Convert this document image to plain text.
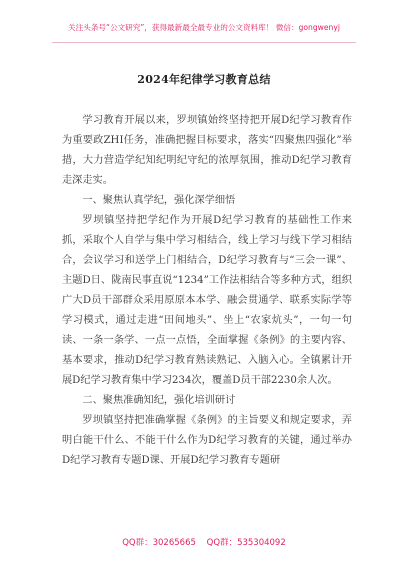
关注头条号“公文研究”，获得最新最全最专业的公文资料库！ 微信：gongwenyj
2024年纪律学习教育总结

学习教育开展以来，罗坝镇始终坚持把开展D纪学习教育作为重要政ZHI任务，准确把握目标要求，落实“四聚焦四强化”举措，大力营造学纪知纪明纪守纪的浓厚氛围，推动D纪学习教育走深走实。

一、聚焦认真学纪，强化深学细悟

罗坝镇坚持把学纪作为开展D纪学习教育的基础性工作来抓，采取个人自学与集中学习相结合，线上学习与线下学习相结合，会议学习和送学上门相结合，D纪学习教育与“三会一课”、主题D日、陇南民事直说“1234”工作法相结合等多种方式，组织广大D员干部群众采用原原本本学、融会贯通学、联系实际学等学习模式，通过走进“田间地头”、坐上“农家炕头”，一句一句读、一条一条学、一点一点悟，全面掌握《条例》的主要内容、基本要求，推动D纪学习教育熟读熟记、入脑入心。全镇累计开展D纪学习教育集中学习234次，覆盖D员干部2230余人次。

二、聚焦准确知纪，强化培训研讨

罗坝镇坚持把准确掌握《条例》的主旨要义和规定要求，弄明白能干什么、不能干什么作为D纪学习教育的关键，通过举办D纪学习教育专题D课、开展D纪学习教育专题研

QQ群：30265665    QQ群：535304092
